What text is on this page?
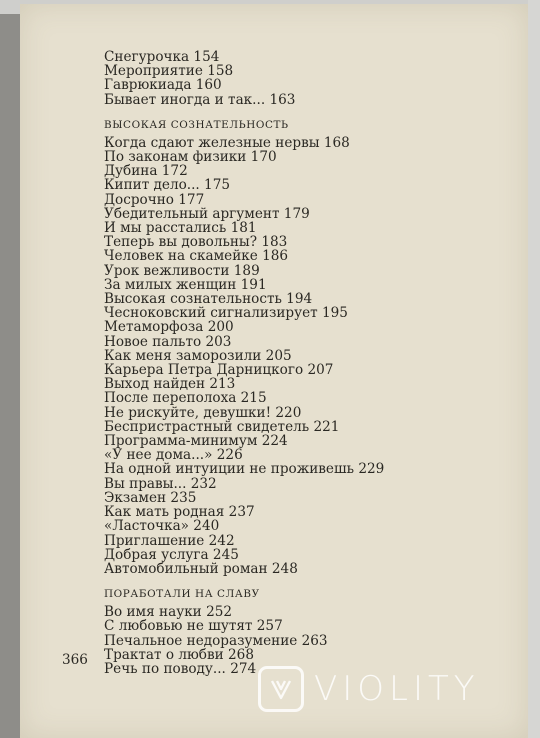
Снегурочка 154
Мероприятие 158
Гаврюкиада 160
Бывает иногда и так... 163
ВЫСОКАЯ СОЗНАТЕЛЬНОСТЬ
Когда сдают железные нервы 168
По законам физики 170
Дубина 172
Кипит дело... 175
Досрочно 177
Убедительный аргумент 179
И мы расстались 181
Теперь вы довольны? 183
Человек на скамейке 186
Урок вежливости 189
За милых женщин 191
Высокая сознательность 194
Чесноковский сигнализирует 195
Метаморфоза 200
Новое пальто 203
Как меня заморозили 205
Карьера Петра Дарницкого 207
Выход найден 213
После переполоха 215
Не рискуйте, девушки! 220
Беспристрастный свидетель 221
Программа-минимум 224
«У нее дома...» 226
На одной интуиции не проживешь 229
Вы правы... 232
Экзамен 235
Как мать родная 237
«Ласточка» 240
Приглашение 242
Добрая услуга 245
Автомобильный роман 248
ПОРАБОТАЛИ НА СЛАВУ
Во имя науки 252
С любовью не шутят 257
Печальное недоразумение 263
Трактат о любви 268
Речь по поводу... 274
366
VIOLITY
